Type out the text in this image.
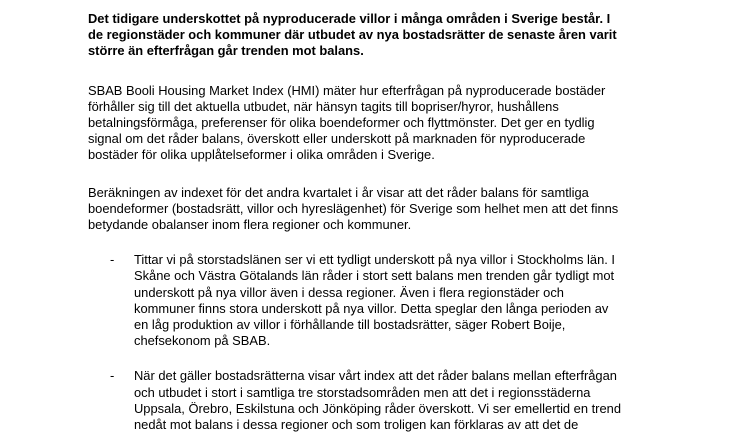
Det tidigare underskottet på nyproducerade villor i många områden i Sverige består. I
de regionstäder och kommuner där utbudet av nya bostadsrätter de senaste åren varit
större än efterfrågan går trenden mot balans.
SBAB Booli Housing Market Index (HMI) mäter hur efterfrågan på nyproducerade bostäder
förhåller sig till det aktuella utbudet, när hänsyn tagits till bopriser/hyror, hushållens
betalningsförmåga, preferenser för olika boendeformer och flyttmönster. Det ger en tydlig
signal om det råder balans, överskott eller underskott på marknaden för nyproducerade
bostäder för olika upplåtelseformer i olika områden i Sverige.
Beräkningen av indexet för det andra kvartalet i år visar att det råder balans för samtliga
boendeformer (bostadsrätt, villor och hyreslägenhet) för Sverige som helhet men att det finns
betydande obalanser inom flera regioner och kommuner.
- Tittar vi på storstadslänen ser vi ett tydligt underskott på nya villor i Stockholms län. I
Skåne och Västra Götalands län råder i stort sett balans men trenden går tydligt mot
underskott på nya villor även i dessa regioner. Även i flera regionstäder och
kommuner finns stora underskott på nya villor. Detta speglar den långa perioden av
en låg produktion av villor i förhållande till bostadsrätter, säger Robert Boije,
chefsekonom på SBAB.
- När det gäller bostadsrätterna visar vårt index att det råder balans mellan efterfrågan
och utbudet i stort i samtliga tre storstadsområden men att det i regionsstäderna
Uppsala, Örebro, Eskilstuna och Jönköping råder överskott. Vi ser emellertid en trend
nedåt mot balans i dessa regioner och som troligen kan förklaras av att det de
